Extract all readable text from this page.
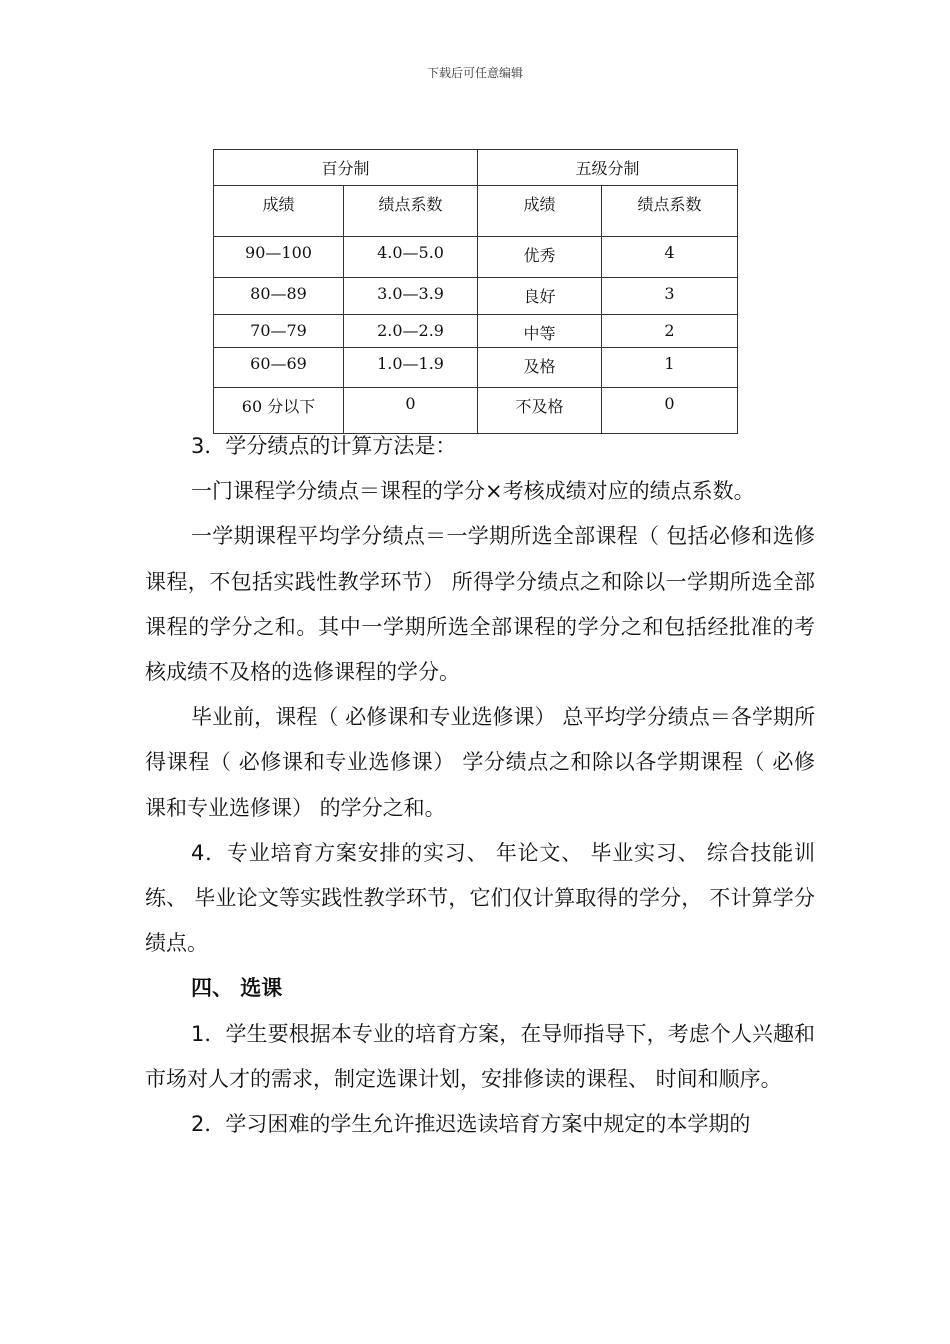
下载后可任意编辑
百分制		五级分制	
成绩	绩点系数	成绩	绩点系数
90—100	4.0—5.0	优秀	4
80—89	3.0—3.9	良好	3
70—79	2.0—2.9	中等	2
60—69	1.0—1.9	及格	1
60 分以下	0	不及格	0

3．学分绩点的计算方法是：

一门课程学分绩点＝课程的学分×考核成绩对应的绩点系数。

一学期课程平均学分绩点＝一学期所选全部课程（ 包括必修和选修课程，不包括实践性教学环节） 所得学分绩点之和除以一学期所选全部课程的学分之和。其中一学期所选全部课程的学分之和包括经批准的考核成绩不及格的选修课程的学分。

毕业前，课程（ 必修课和专业选修课） 总平均学分绩点＝各学期所得课程（ 必修课和专业选修课） 学分绩点之和除以各学期课程（ 必修课和专业选修课） 的学分之和。

4．专业培育方案安排的实习、 年论文、 毕业实习、 综合技能训练、 毕业论文等实践性教学环节，它们仅计算取得的学分， 不计算学分绩点。

四、 选课

1．学生要根据本专业的培育方案，在导师指导下，考虑个人兴趣和市场对人才的需求，制定选课计划，安排修读的课程、 时间和顺序。

2．学习困难的学生允许推迟选读培育方案中规定的本学期的
